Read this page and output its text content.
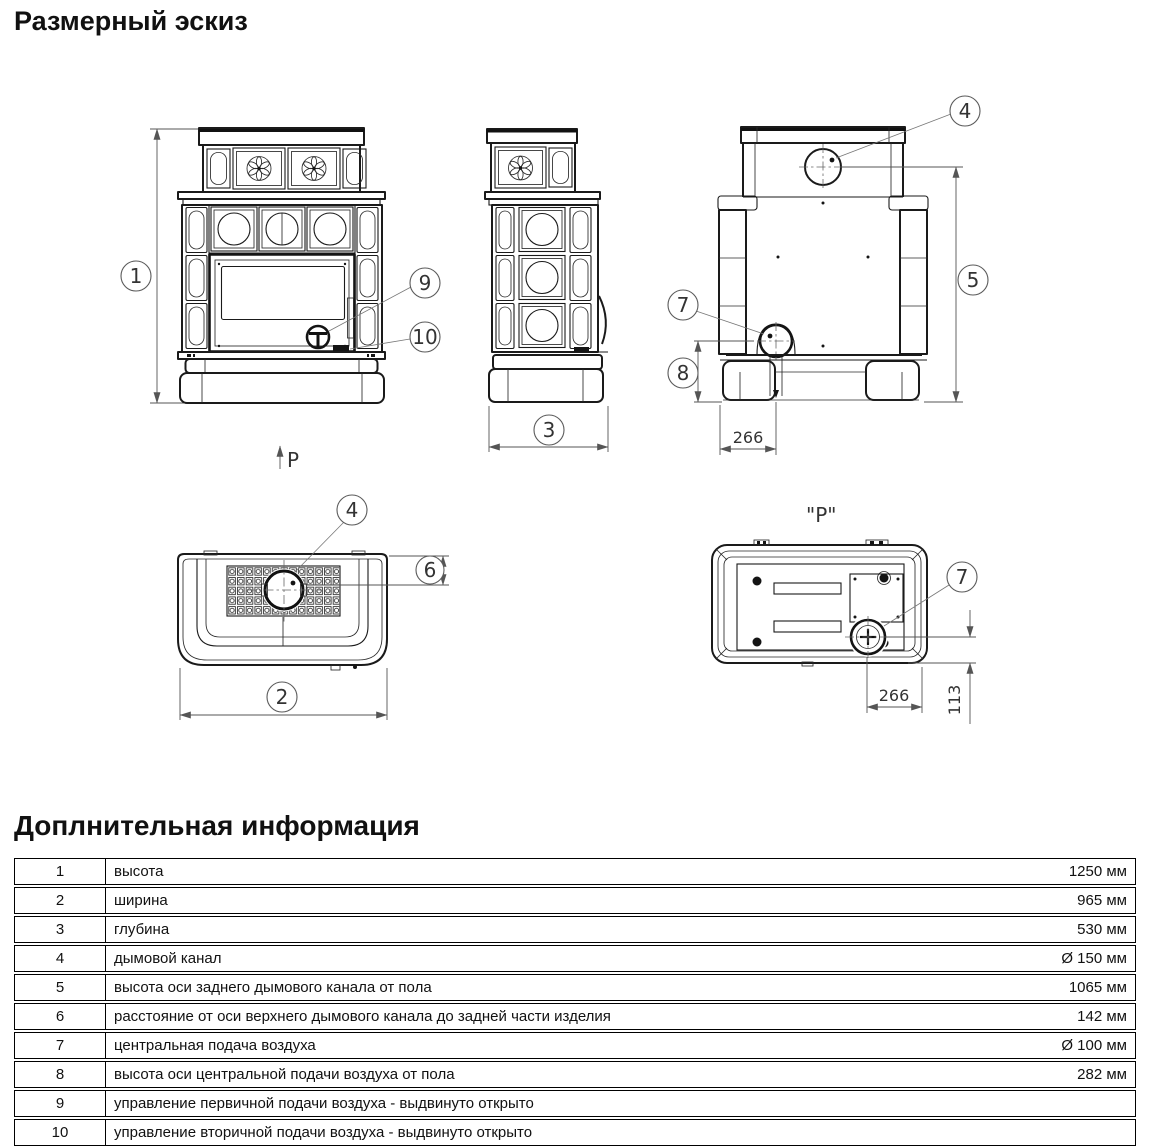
Размерный эскиз
1	9
10
P
3
4
5
7
8
266
4
6
2
"P"
7
113
266
Доплнительная информация
1	высота	1250 мм
2	ширина	965 мм
3	глубина	530 мм
4	дымовой канал	Ø 150 мм
5	высота оси заднего дымового канала от пола	1065 мм
6	расстояние от оси верхнего дымового канала до задней части изделия	142 мм
7	центральная подача воздуха	Ø 100 мм
8	высота оси центральной подачи воздуха от пола	282 мм
9	управление первичной подачи воздуха - выдвинуто открыто	
10	управление вторичной подачи воздуха - выдвинуто открыто	
